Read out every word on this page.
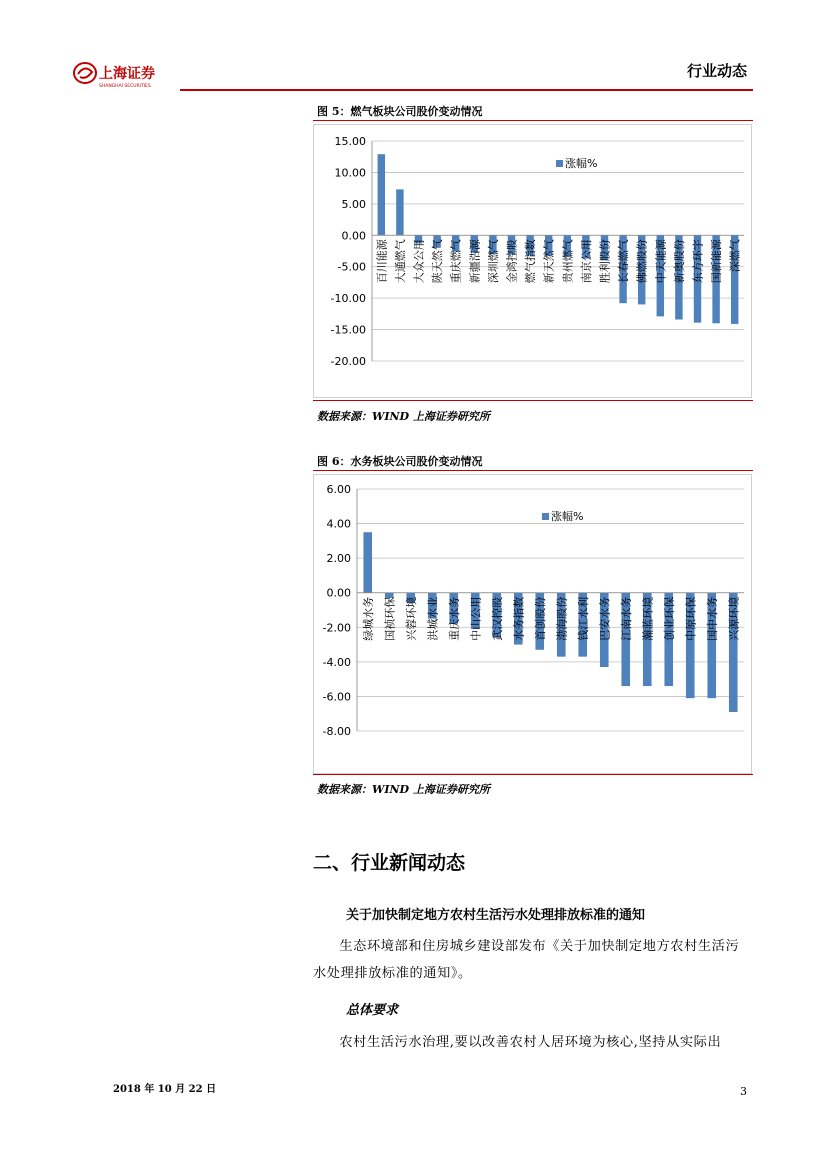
上海证券
SHANGHAI SECURITIES
行业动态
图 5：燃气板块公司股价变动情况
15.00
10.00
5.00
0.00
-5.00
-10.00
-15.00
-20.00
百川能源 大通燃气 大众公用 陕天然气 重庆燃气 新疆浩源 深圳燃气 金鸿控股 燃气指数 新天然气 贵州燃气 南京公用 胜利股份 长春燃气 佛燃股份 中天能源 新奥股份 东方环宇 国新能源 深燃气
涨幅%
数据来源：WIND 上海证券研究所
图 6：水务板块公司股价变动情况
6.00
4.00
2.00
0.00
-2.00
-4.00
-6.00
-8.00
绿城水务 国祯环保 兴蓉环境 洪城水业 重庆水务 中山公用 武汉控股 水务指数 首创股份 渤海股份 钱江水利 巴安水务 江南水务 瀚蓝环境 创业环保 中原环保 国中水务 兴源环境
涨幅%
数据来源：WIND 上海证券研究所
二、行业新闻动态
关于加快制定地方农村生活污水处理排放标准的通知
生态环境部和住房城乡建设部发布《关于加快制定地方农村生活污水处理排放标准的通知》。
总体要求
农村生活污水治理,要以改善农村人居环境为核心,坚持从实际出
2018 年 10 月 22 日	3
